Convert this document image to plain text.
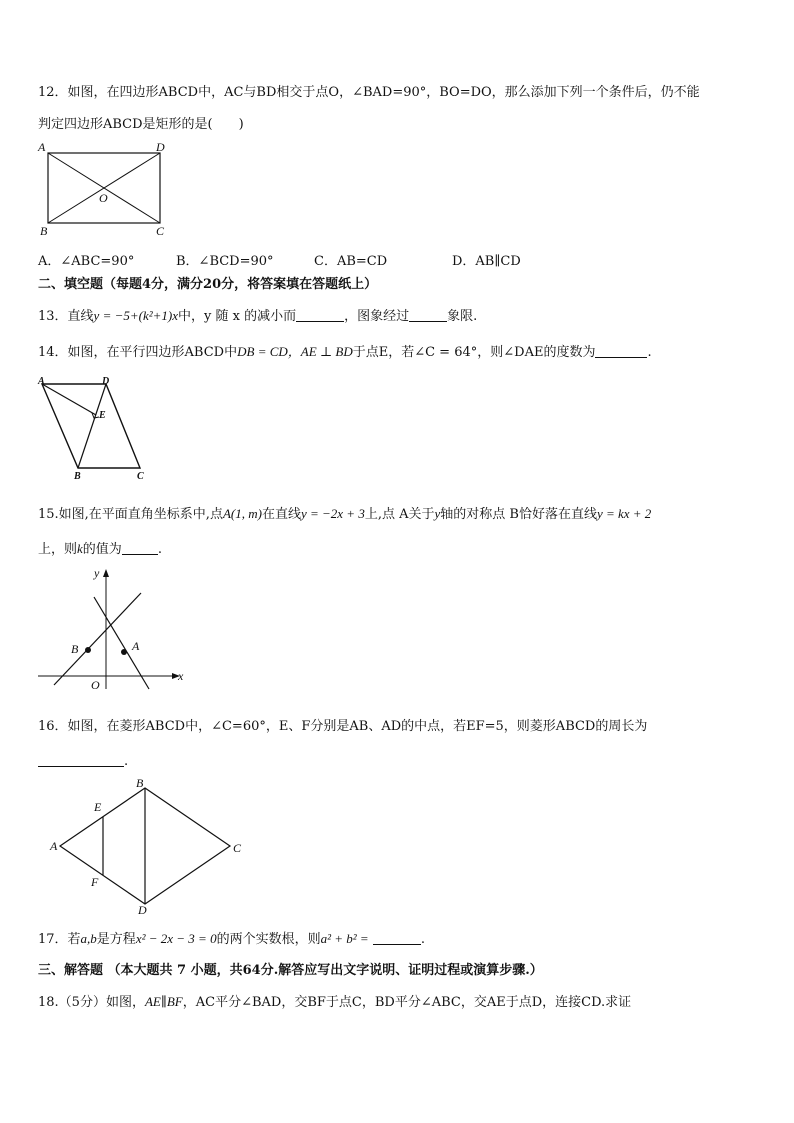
12．如图，在四边形ABCD中，AC与BD相交于点O，∠BAD=90°，BO=DO，那么添加下列一个条件后，仍不能
判定四边形ABCD是矩形的是(　　)
A	D
B	C
O
A．∠ABC=90°	B．∠BCD=90°	C．AB=CD	D．AB∥CD
二、填空题（每题4分，满分20分，将答案填在答题纸上）
13．直线y = −5+(k²+1)x中，y 随 x 的减小而	，图象经过	象限.
14．如图，在平行四边形ABCD中DB = CD，AE ⊥ BD于点E，若∠C = 64°，则∠DAE的度数为	.
A	D
E
B	C
15.如图,在平面直角坐标系中,点A(1, m)在直线y = −2x + 3上,点 A关于y轴的对称点 B恰好落在直线y = kx + 2
上，则k的值为	.
x
y
O
A
B
16．如图，在菱形ABCD中，∠C=60°，E、F分别是AB、AD的中点，若EF=5，则菱形ABCD的周长为
.
A
B
C
D
E
F
17．若a,b是方程x² − 2x − 3 = 0的两个实数根，则a² + b² =	.
三、解答题 （本大题共 7 小题，共64分.解答应写出文字说明、证明过程或演算步骤.）
18.（5分）如图，AE∥BF，AC平分∠BAD，交BF于点C，BD平分∠ABC，交AE于点D，连接CD.求证
